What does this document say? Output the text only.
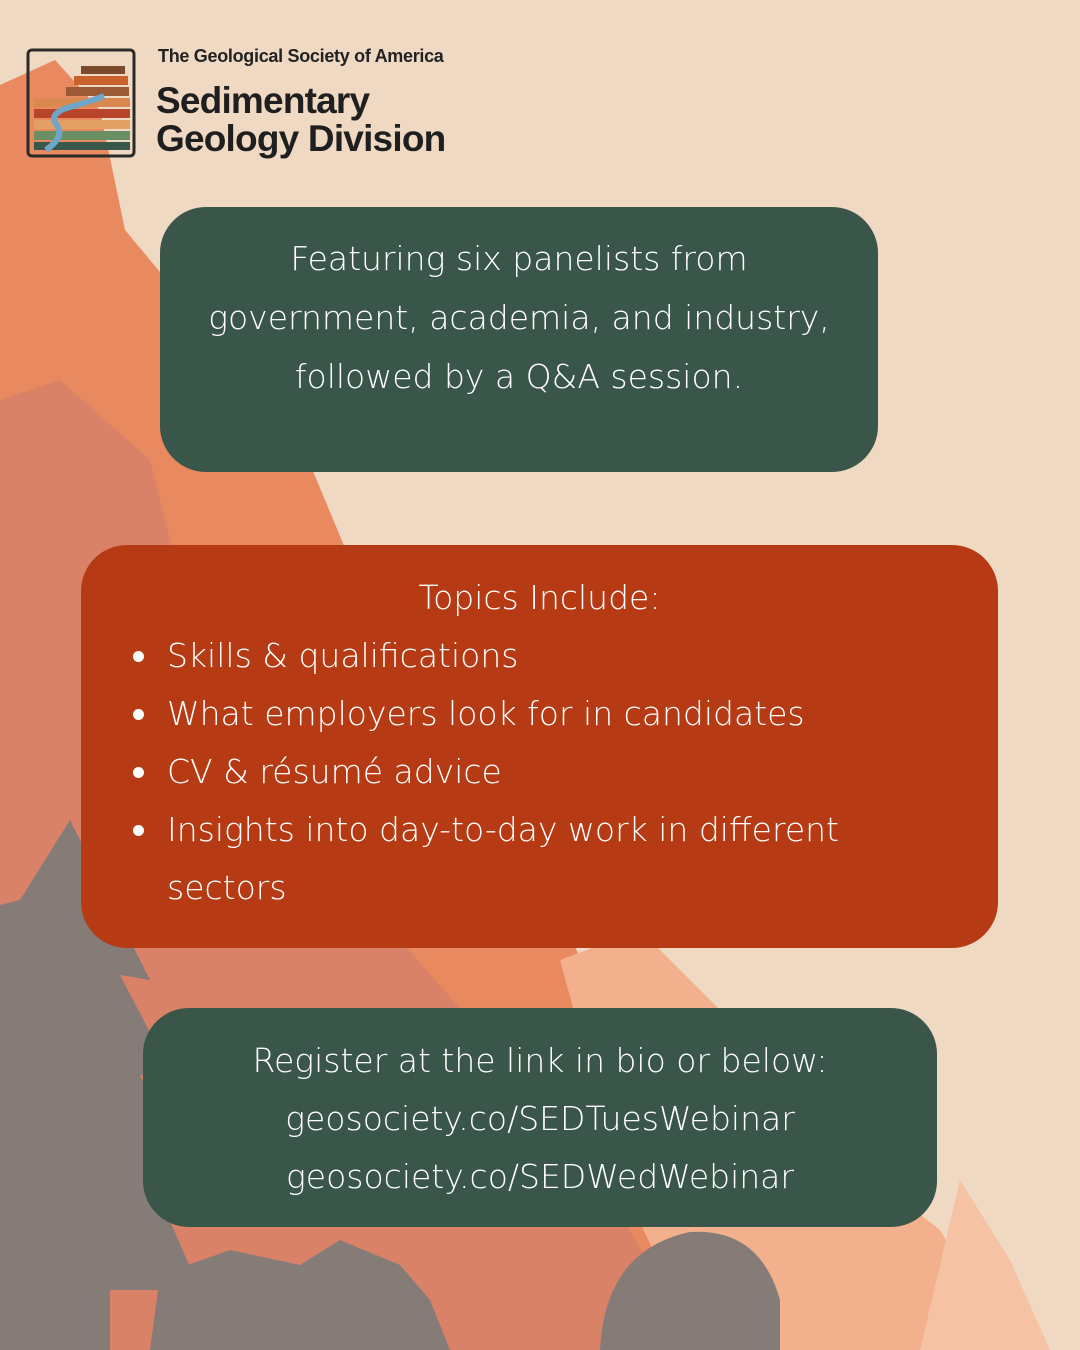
The Geological Society of America
Sedimentary
Geology Division

Featuring six panelists from government, academia, and industry, followed by a Q&A session.

Topics Include:
Skills & qualifications
What employers look for in candidates
CV & résumé advice
Insights into day-to-day work in different sectors
Register at the link in bio or below:
geosociety.co/SEDTuesWebinar
geosociety.co/SEDWedWebinar
